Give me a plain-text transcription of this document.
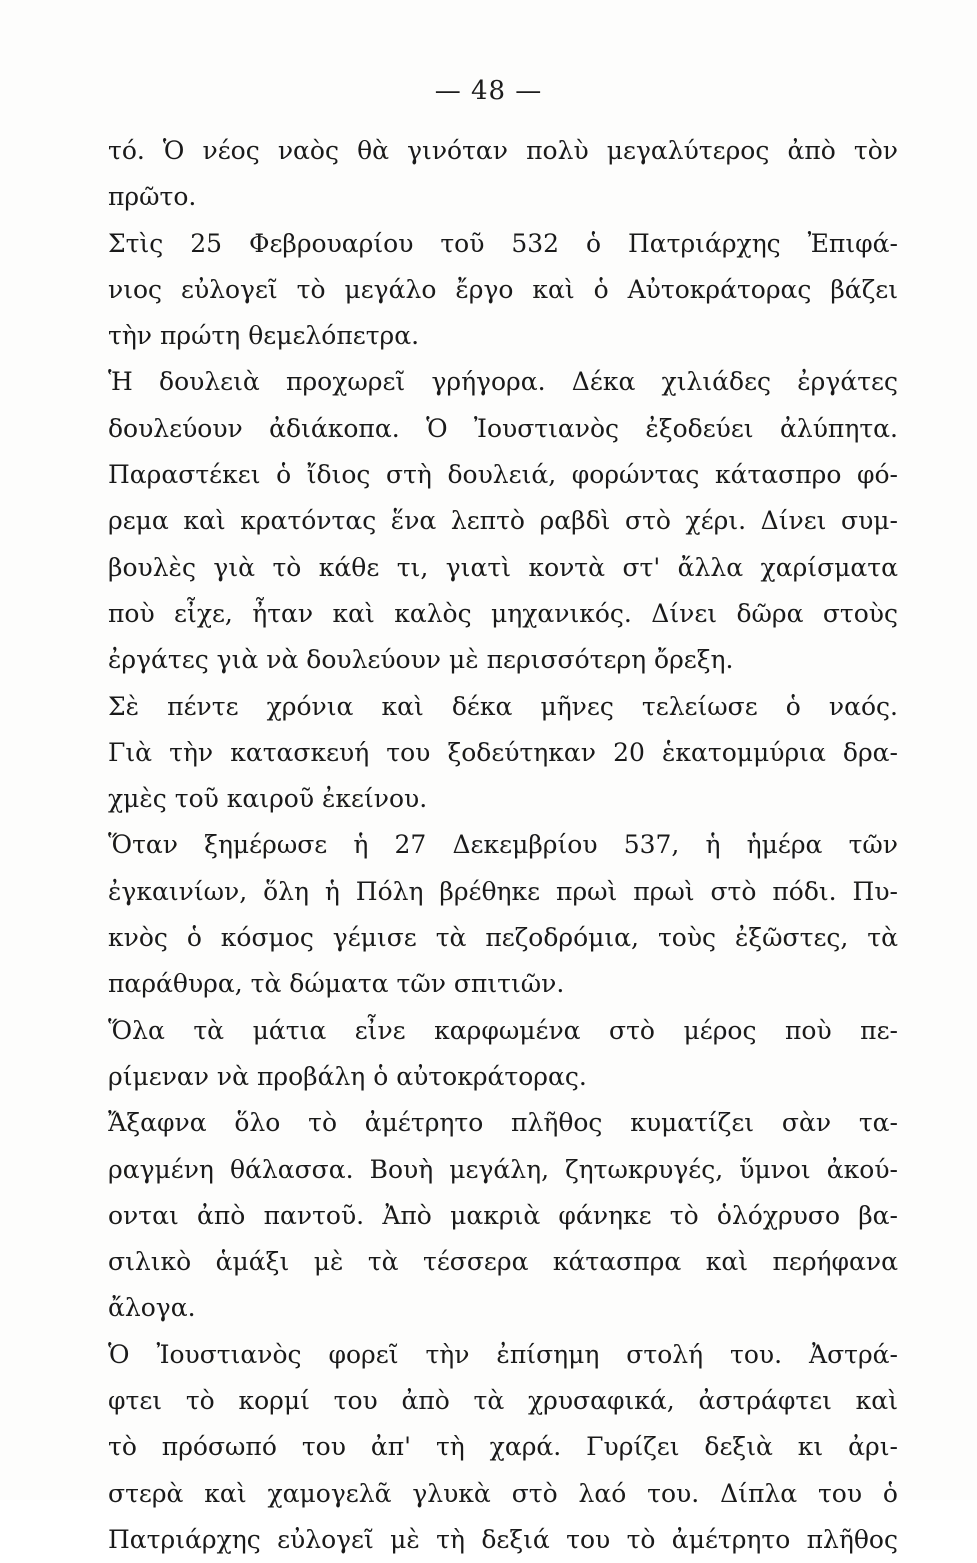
— 48 —
τό. Ὁ νέος ναὸς θὰ γινόταν πολὺ μεγαλύτερος ἀπὸ τὸν
πρῶτο.
Στὶς 25 Φεβρουαρίου τοῦ 532 ὁ Πατριάρχης Ἐπιφά-
νιος εὐλογεῖ τὸ μεγάλο ἔργο καὶ ὁ Αὐτοκράτορας βάζει
τὴν πρώτη θεμελόπετρα.
Ἡ δουλειὰ προχωρεῖ γρήγορα. Δέκα χιλιάδες ἐργάτες
δουλεύουν ἀδιάκοπα. Ὁ Ἰουστιανὸς ἐξοδεύει ἀλύπητα.
Παραστέκει ὁ ἴδιος στὴ δουλειά, φορώντας κάτασπρο φό-
ρεμα καὶ κρατόντας ἕνα λεπτὸ ραβδὶ στὸ χέρι. Δίνει συμ-
βουλὲς γιὰ τὸ κάθε τι, γιατὶ κοντὰ στ' ἄλλα χαρίσματα
ποὺ εἶχε, ἦταν καὶ καλὸς μηχανικός. Δίνει δῶρα στοὺς
ἐργάτες γιὰ νὰ δουλεύουν μὲ περισσότερη ὄρεξη.
Σὲ πέντε χρόνια καὶ δέκα μῆνες τελείωσε ὁ ναός.
Γιὰ τὴν κατασκευή του ξοδεύτηκαν 20 ἑκατομμύρια δρα-
χμὲς τοῦ καιροῦ ἐκείνου.
Ὅταν ξημέρωσε ἡ 27 Δεκεμβρίου 537, ἡ ἡμέρα τῶν
ἐγκαινίων, ὅλη ἡ Πόλη βρέθηκε πρωὶ πρωὶ στὸ πόδι. Πυ-
κνὸς ὁ κόσμος γέμισε τὰ πεζοδρόμια, τοὺς ἐξῶστες, τὰ
παράθυρα, τὰ δώματα τῶν σπιτιῶν.
Ὅλα τὰ μάτια εἶνε καρφωμένα στὸ μέρος ποὺ πε-
ρίμεναν νὰ προβάλη ὁ αὐτοκράτορας.
Ἄξαφνα ὅλο τὸ ἀμέτρητο πλῆθος κυματίζει σὰν τα-
ραγμένη θάλασσα. Βουὴ μεγάλη, ζητωκρυγές, ὕμνοι ἀκού-
ονται ἀπὸ παντοῦ. Ἀπὸ μακριὰ φάνηκε τὸ ὁλόχρυσο βα-
σιλικὸ ἁμάξι μὲ τὰ τέσσερα κάτασπρα καὶ περήφανα
ἄλογα.
Ὁ Ἰουστιανὸς φορεῖ τὴν ἐπίσημη στολή του. Ἀστρά-
φτει τὸ κορμί του ἀπὸ τὰ χρυσαφικά, ἀστράφτει καὶ
τὸ πρόσωπό του ἀπ' τὴ χαρά. Γυρίζει δεξιὰ κι ἀρι-
στερὰ καὶ χαμογελᾶ γλυκὰ στὸ λαό του. Δίπλα του ὁ
Πατριάρχης εὐλογεῖ μὲ τὴ δεξιά του τὸ ἀμέτρητο πλῆθος
